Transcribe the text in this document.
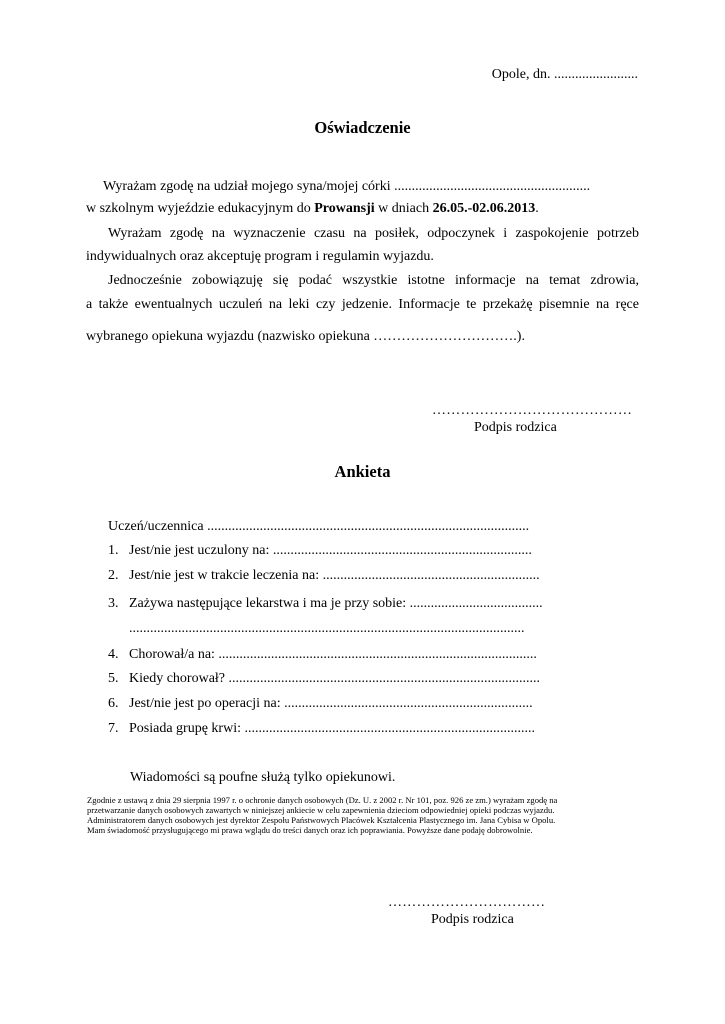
Opole, dn. ........................
Oświadczenie
Wyrażam zgodę na udział mojego syna/mojej córki ........................................................
w szkolnym wyjeździe edukacyjnym do Prowansji w dniach 26.05.-02.06.2013.
Wyrażam zgodę na wyznaczenie czasu na posiłek, odpoczynek i zaspokojenie potrzeb
indywidualnych oraz akceptuję program i regulamin wyjazdu.
Jednocześnie zobowiązuję się podać wszystkie istotne informacje na temat zdrowia,
a także ewentualnych uczuleń na leki czy jedzenie. Informacje te przekażę pisemnie na ręce
wybranego opiekuna wyjazdu (nazwisko opiekuna ………………………….).
……………………………………
Podpis rodzica
Ankieta
Uczeń/uczennica ............................................................................................
1. Jest/nie jest uczulony na: ..........................................................................
2. Jest/nie jest w trakcie leczenia na: ..............................................................
3. Zażywa następujące lekarstwa i ma je przy sobie: ......................................
.................................................................................................................
4. Chorował/a na: ...........................................................................................
5. Kiedy chorował? .........................................................................................
6. Jest/nie jest po operacji na: .......................................................................
7. Posiada grupę krwi: ...................................................................................
Wiadomości są poufne służą tylko opiekunowi.
Zgodnie z ustawą z dnia 29 sierpnia 1997 r. o ochronie danych osobowych (Dz. U. z 2002 r. Nr 101, poz. 926 ze zm.) wyrażam zgodę na
przetwarzanie danych osobowych zawartych w niniejszej ankiecie w celu zapewnienia dzieciom odpowiedniej opieki podczas wyjazdu.
Administratorem danych osobowych jest dyrektor Zespołu Państwowych Placówek Kształcenia Plastycznego im. Jana Cybisa w Opolu.
Mam świadomość przysługującego mi prawa wglądu do treści danych oraz ich poprawiania. Powyższe dane podaję dobrowolnie.
……………………………
Podpis rodzica
